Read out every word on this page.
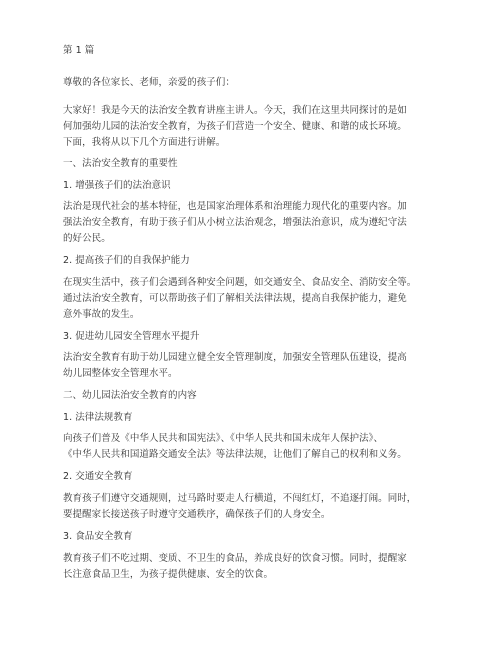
第 1 篇
尊敬的各位家长、老师，亲爱的孩子们：
大家好！我是今天的法治安全教育讲座主讲人。今天，我们在这里共同探讨的是如
何加强幼儿园的法治安全教育，为孩子们营造一个安全、健康、和谐的成长环境。
下面，我将从以下几个方面进行讲解。
一、法治安全教育的重要性
1. 增强孩子们的法治意识
法治是现代社会的基本特征，也是国家治理体系和治理能力现代化的重要内容。加
强法治安全教育，有助于孩子们从小树立法治观念，增强法治意识，成为遵纪守法
的好公民。
2. 提高孩子们的自我保护能力
在现实生活中，孩子们会遇到各种安全问题，如交通安全、食品安全、消防安全等。
通过法治安全教育，可以帮助孩子们了解相关法律法规，提高自我保护能力，避免
意外事故的发生。
3. 促进幼儿园安全管理水平提升
法治安全教育有助于幼儿园建立健全安全管理制度，加强安全管理队伍建设，提高
幼儿园整体安全管理水平。
二、幼儿园法治安全教育的内容
1. 法律法规教育
向孩子们普及《中华人民共和国宪法》、《中华人民共和国未成年人保护法》、
《中华人民共和国道路交通安全法》等法律法规，让他们了解自己的权利和义务。
2. 交通安全教育
教育孩子们遵守交通规则，过马路时要走人行横道，不闯红灯，不追逐打闹。同时，
要提醒家长接送孩子时遵守交通秩序，确保孩子们的人身安全。
3. 食品安全教育
教育孩子们不吃过期、变质、不卫生的食品，养成良好的饮食习惯。同时，提醒家
长注意食品卫生，为孩子提供健康、安全的饮食。
